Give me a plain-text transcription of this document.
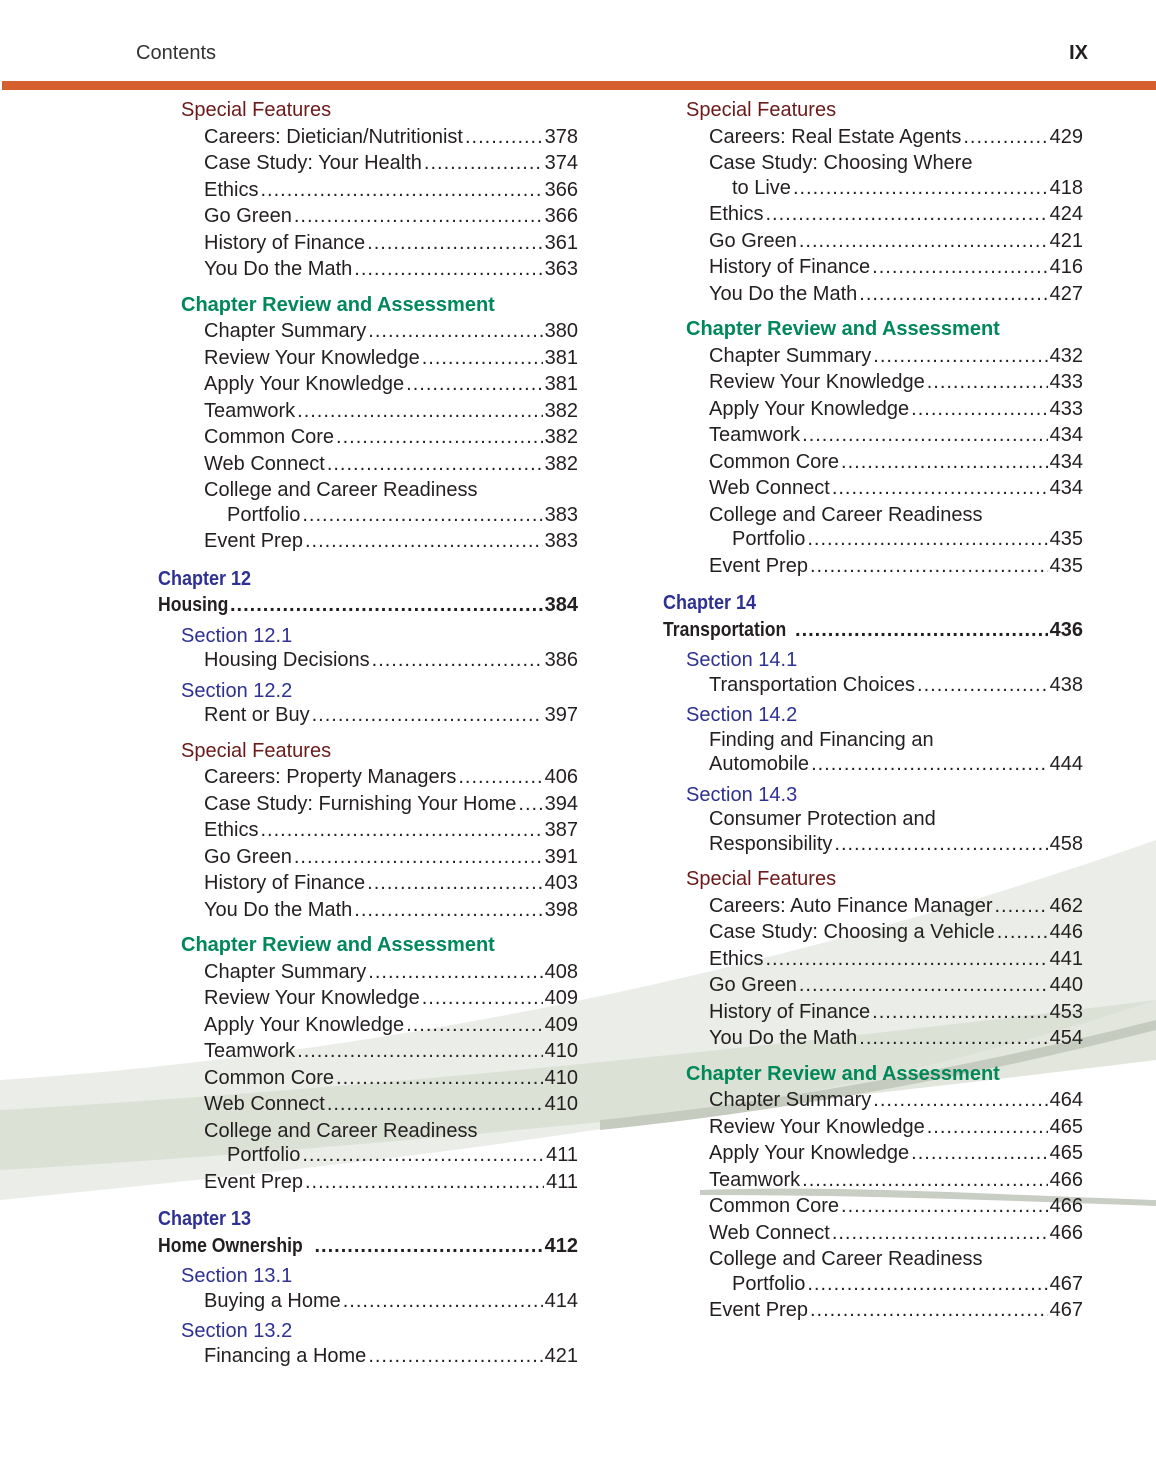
Contents	IX
Special Features
Careers: Dietician/Nutritionist .....	378
Case Study: Your Health .....	374
Ethics .....	366
Go Green .....	366
History of Finance .....	361
You Do the Math .....	363
Chapter Review and Assessment
Chapter Summary .....	380
Review Your Knowledge .....	381
Apply Your Knowledge .....	381
Teamwork .....	382
Common Core .....	382
Web Connect .....	382
College and Career Readiness
Portfolio .....	383
Event Prep .....	383
Chapter 12
Housing .....	384
Section 12.1
Housing Decisions .....	386
Section 12.2
Rent or Buy .....	397
Special Features
Careers: Property Managers .....	406
Case Study: Furnishing Your Home ..... 394
Ethics .....	387
Go Green .....	391
History of Finance .....	403
You Do the Math .....	398
Chapter Review and Assessment
Chapter Summary .....	408
Review Your Knowledge .....	409
Apply Your Knowledge .....	409
Teamwork .....	410
Common Core .....	410
Web Connect .....	410
College and Career Readiness
Portfolio .....	411
Event Prep .....	411
Chapter 13
Home Ownership .....	412
Section 13.1
Buying a Home .....	414
Section 13.2
Financing a Home .....	421
Special Features
Careers: Real Estate Agents .....	429
Case Study: Choosing Where
to Live .....	418
Ethics .....	424
Go Green .....	421
History of Finance .....	416
You Do the Math .....	427
Chapter Review and Assessment
Chapter Summary .....	432
Review Your Knowledge .....	433
Apply Your Knowledge .....	433
Teamwork .....	434
Common Core .....	434
Web Connect .....	434
College and Career Readiness
Portfolio .....	435
Event Prep .....	435
Chapter 14
Transportation .....	436
Section 14.1
Transportation Choices .....	438
Section 14.2
Finding and Financing an
Automobile .....	444
Section 14.3
Consumer Protection and
Responsibility .....	458
Special Features
Careers: Auto Finance Manager .....	462
Case Study: Choosing a Vehicle .....	446
Ethics .....	441
Go Green .....	440
History of Finance .....	453
You Do the Math .....	454
Chapter Review and Assessment
Chapter Summary .....	464
Review Your Knowledge .....	465
Apply Your Knowledge .....	465
Teamwork .....	466
Common Core .....	466
Web Connect .....	466
College and Career Readiness
Portfolio .....	467
Event Prep .....	467
